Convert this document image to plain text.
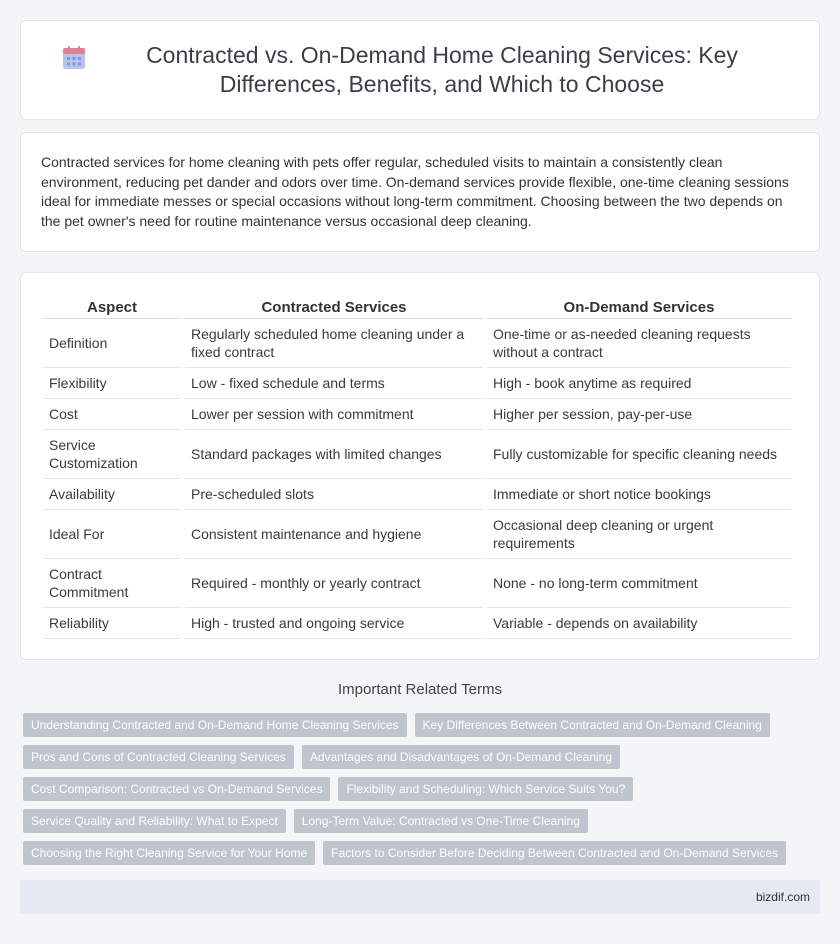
Contracted vs. On-Demand Home Cleaning Services: Key Differences, Benefits, and Which to Choose

Contracted services for home cleaning with pets offer regular, scheduled visits to maintain a consistently clean environment, reducing pet dander and odors over time. On-demand services provide flexible, one-time cleaning sessions ideal for immediate messes or special occasions without long-term commitment. Choosing between the two depends on the pet owner's need for routine maintenance versus occasional deep cleaning.

Aspect	Contracted Services	On-Demand Services
Definition	Regularly scheduled home cleaning under a fixed contract	One-time or as-needed cleaning requests without a contract
Flexibility	Low - fixed schedule and terms	High - book anytime as required
Cost	Lower per session with commitment	Higher per session, pay-per-use
Service Customization	Standard packages with limited changes	Fully customizable for specific cleaning needs
Availability	Pre-scheduled slots	Immediate or short notice bookings
Ideal For	Consistent maintenance and hygiene	Occasional deep cleaning or urgent requirements
Contract Commitment	Required - monthly or yearly contract	None - no long-term commitment
Reliability	High - trusted and ongoing service	Variable - depends on availability
Important Related Terms
Understanding Contracted and On-Demand Home Cleaning Services	Key Differences Between Contracted and On-Demand Cleaning
Pros and Cons of Contracted Cleaning Services	Advantages and Disadvantages of On-Demand Cleaning
Cost Comparison: Contracted vs On-Demand Services	Flexibility and Scheduling: Which Service Suits You?
Service Quality and Reliability: What to Expect	Long-Term Value: Contracted vs One-Time Cleaning
Choosing the Right Cleaning Service for Your Home	Factors to Consider Before Deciding Between Contracted and On-Demand Services
bizdif.com
